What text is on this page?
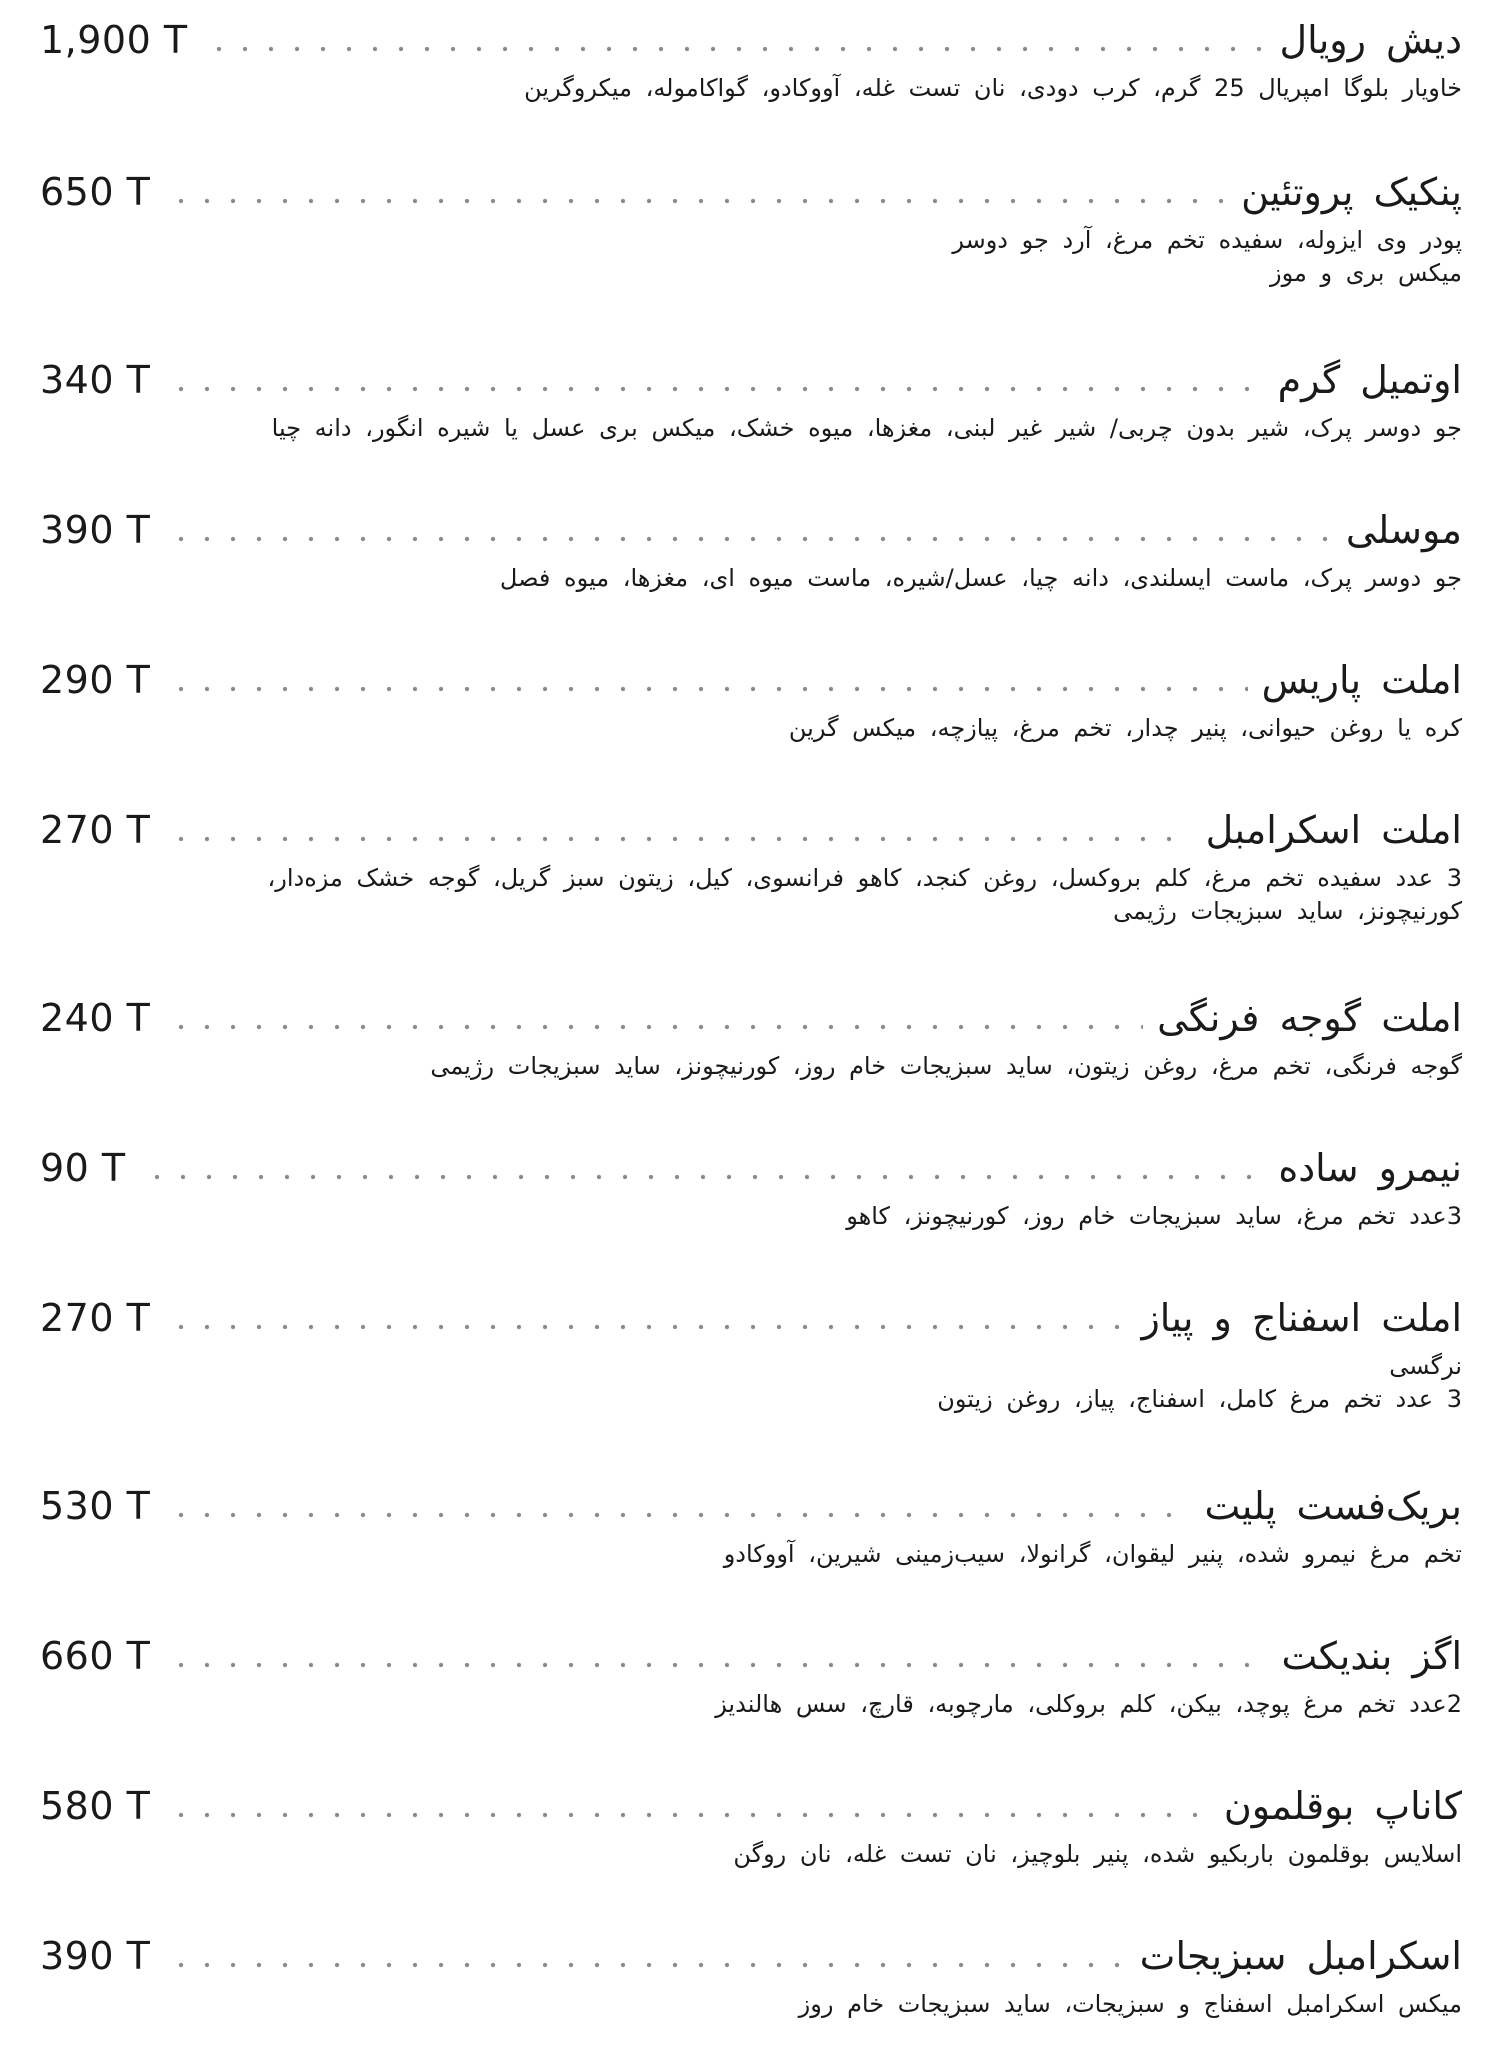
1,900 T	دیش رویال
خاویار بلوگا امپریال 25 گرم، کرب دودی، نان تست غله، آووکادو، گواکاموله، میکروگرین
650 T	پنکیک پروتئین
پودر وی ایزوله، سفیده تخم مرغ، آرد جو دوسر
میکس بری و موز
340 T	اوتمیل گرم
جو دوسر پرک، شیر بدون چربی/ شیر غیر لبنی، مغزها، میوه خشک، میکس بری عسل یا شیره انگور، دانه چیا
390 T	موسلی
جو دوسر پرک، ماست ایسلندی، دانه چیا، عسل/شیره، ماست میوه ای، مغزها، میوه فصل
290 T	املت پاریس
کره یا روغن حیوانی، پنیر چدار، تخم مرغ، پیازچه، میکس گرین
270 T	املت اسکرامبل
3 عدد سفیده تخم مرغ، کلم بروکسل، روغن کنجد، کاهو فرانسوی، کیل، زیتون سبز گریل، گوجه خشک مزه‌دار،
کورنیچونز، ساید سبزیجات رژیمی
240 T	املت گوجه فرنگی
گوجه فرنگی، تخم مرغ، روغن زیتون، ساید سبزیجات خام روز، کورنیچونز، ساید سبزیجات رژیمی
90 T	نیمرو ساده
3عدد تخم مرغ، ساید سبزیجات خام روز، کورنیچونز، کاهو
270 T	املت اسفناج و پیاز
نرگسی
3 عدد تخم مرغ کامل، اسفناج، پیاز، روغن زیتون
530 T	بریک‌فست پلیت
تخم مرغ نیمرو شده، پنیر لیقوان، گرانولا، سیب‌زمینی شیرین، آووکادو
660 T	اگز بندیکت
2عدد تخم مرغ پوچد، بیکن، کلم بروکلی، مارچوبه، قارچ، سس هالندیز
580 T	کاناپ بوقلمون
اسلایس بوقلمون باربکیو شده، پنیر بلوچیز، نان تست غله، نان روگن
390 T	اسکرامبل سبزیجات
میکس اسکرامبل اسفناج و سبزیجات، ساید سبزیجات خام روز
